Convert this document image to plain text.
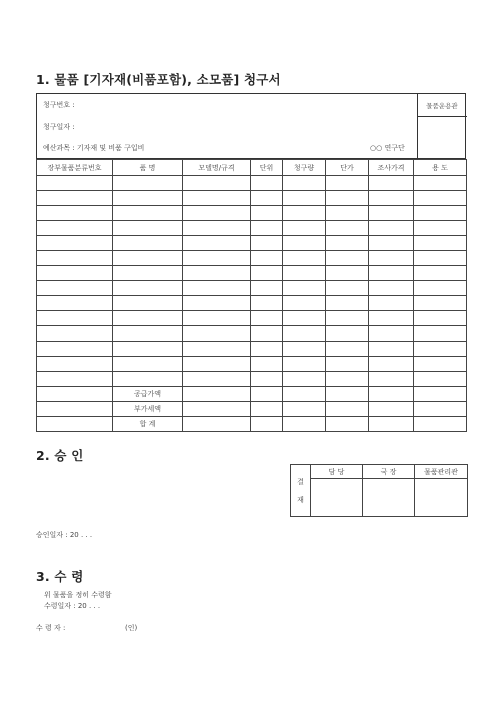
1. 물품 [기자재(비품포함), 소모품] 청구서
물품운용관
청구번호 :
청구일자 :
예산과목 : 기자재 및 비품 구입비	○○ 연구단
장부물품분류번호	품 명	모델명/규격	단위	청구량	단가	조사가격	용 도

	공급가액						
	부가세액						
	합 계						
2. 승 인
결

재	담 당	국 장	물품관리관

승인일자 : 20 . . .
3. 수 령
위 물품을 정히 수령함
수령일자 : 20 . . .
수 령 자 :	(인)
